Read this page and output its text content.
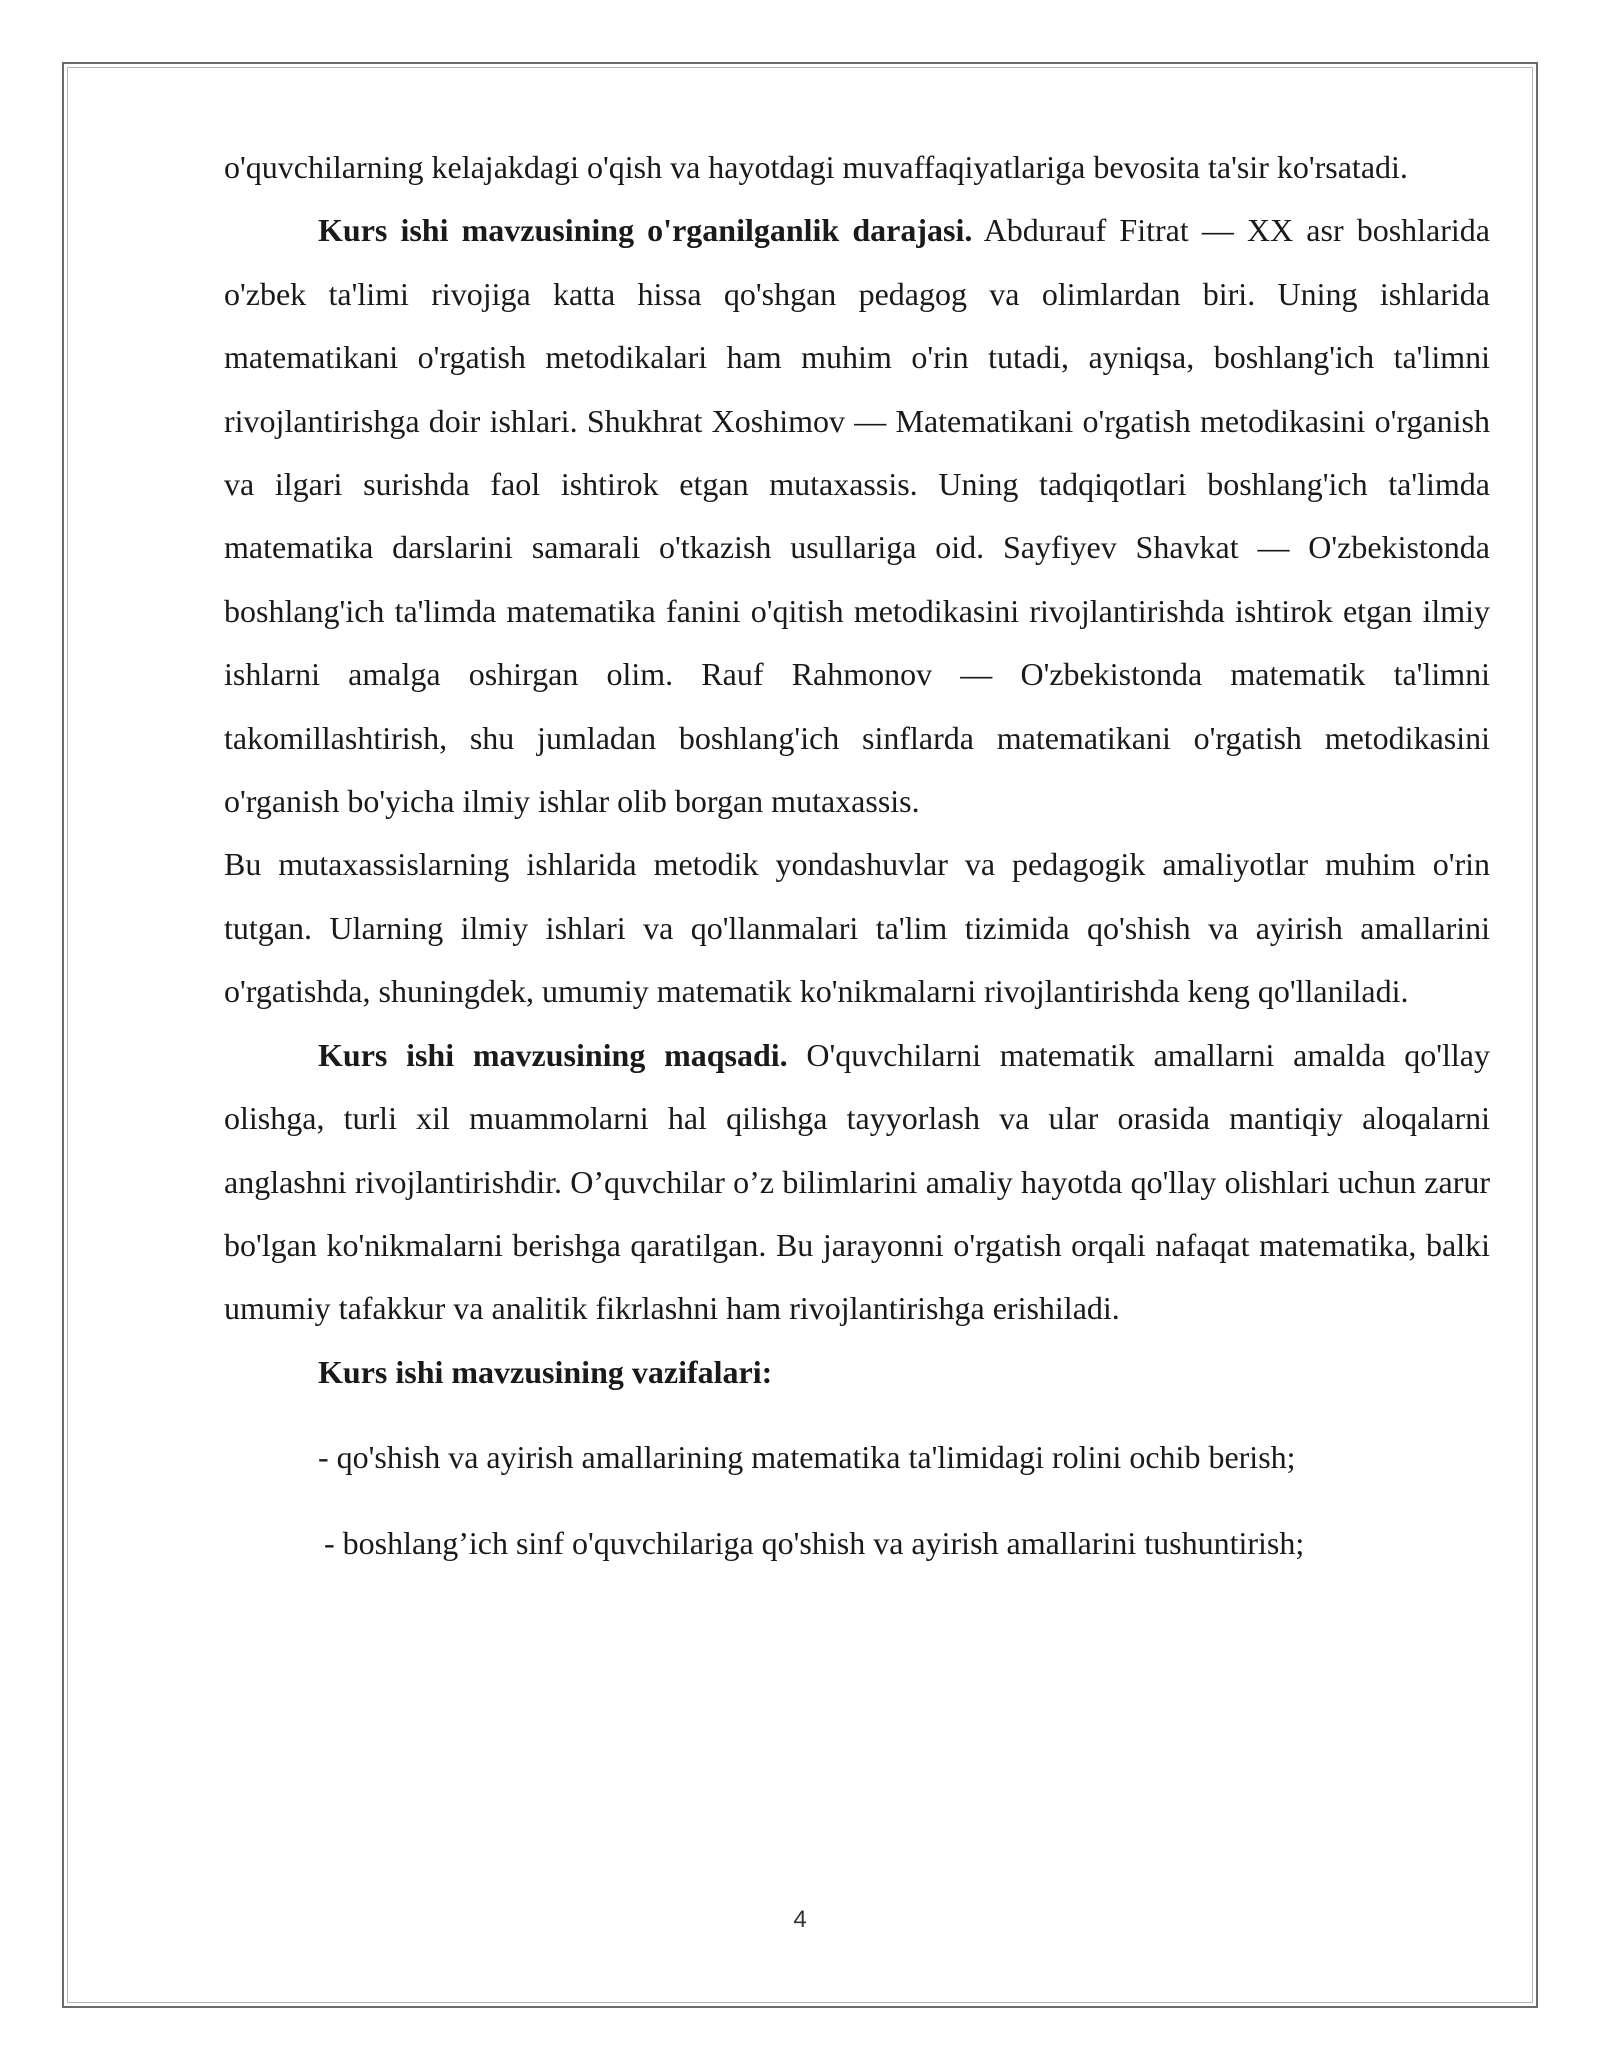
o'quvchilarning kelajakdagi o'qish va hayotdagi muvaffaqiyatlariga bevosita ta'sir ko'rsatadi.

Kurs ishi mavzusining o'rganilganlik darajasi. Abdurauf Fitrat — XX asr boshlarida o'zbek ta'limi rivojiga katta hissa qo'shgan pedagog va olimlardan biri. Uning ishlarida matematikani o'rgatish metodikalari ham muhim o'rin tutadi, ayniqsa, boshlang'ich ta'limni rivojlantirishga doir ishlari. Shukhrat Xoshimov — Matematikani o'rgatish metodikasini o'rganish va ilgari surishda faol ishtirok etgan mutaxassis. Uning tadqiqotlari boshlang'ich ta'limda matematika darslarini samarali o'tkazish usullariga oid. Sayfiyev Shavkat — O'zbekistonda boshlang'ich ta'limda matematika fanini o'qitish metodikasini rivojlantirishda ishtirok etgan ilmiy ishlarni amalga oshirgan olim. Rauf Rahmonov — O'zbekistonda matematik ta'limni takomillashtirish, shu jumladan boshlang'ich sinflarda matematikani o'rgatish metodikasini o'rganish bo'yicha ilmiy ishlar olib borgan mutaxassis.

Bu mutaxassislarning ishlarida metodik yondashuvlar va pedagogik amaliyotlar muhim o'rin tutgan. Ularning ilmiy ishlari va qo'llanmalari ta'lim tizimida qo'shish va ayirish amallarini o'rgatishda, shuningdek, umumiy matematik ko'nikmalarni rivojlantirishda keng qo'llaniladi.

Kurs ishi mavzusining maqsadi. O'quvchilarni matematik amallarni amalda qo'llay olishga, turli xil muammolarni hal qilishga tayyorlash va ular orasida mantiqiy aloqalarni anglashni rivojlantirishdir. O’quvchilar o’z bilimlarini amaliy hayotda qo'llay olishlari uchun zarur bo'lgan ko'nikmalarni berishga qaratilgan. Bu jarayonni o'rgatish orqali nafaqat matematika, balki umumiy tafakkur va analitik fikrlashni ham rivojlantirishga erishiladi.

Kurs ishi mavzusining vazifalari:

- qo'shish va ayirish amallarining matematika ta'limidagi rolini ochib berish;

- boshlang’ich sinf o'quvchilariga qo'shish va ayirish amallarini tushuntirish;

4
